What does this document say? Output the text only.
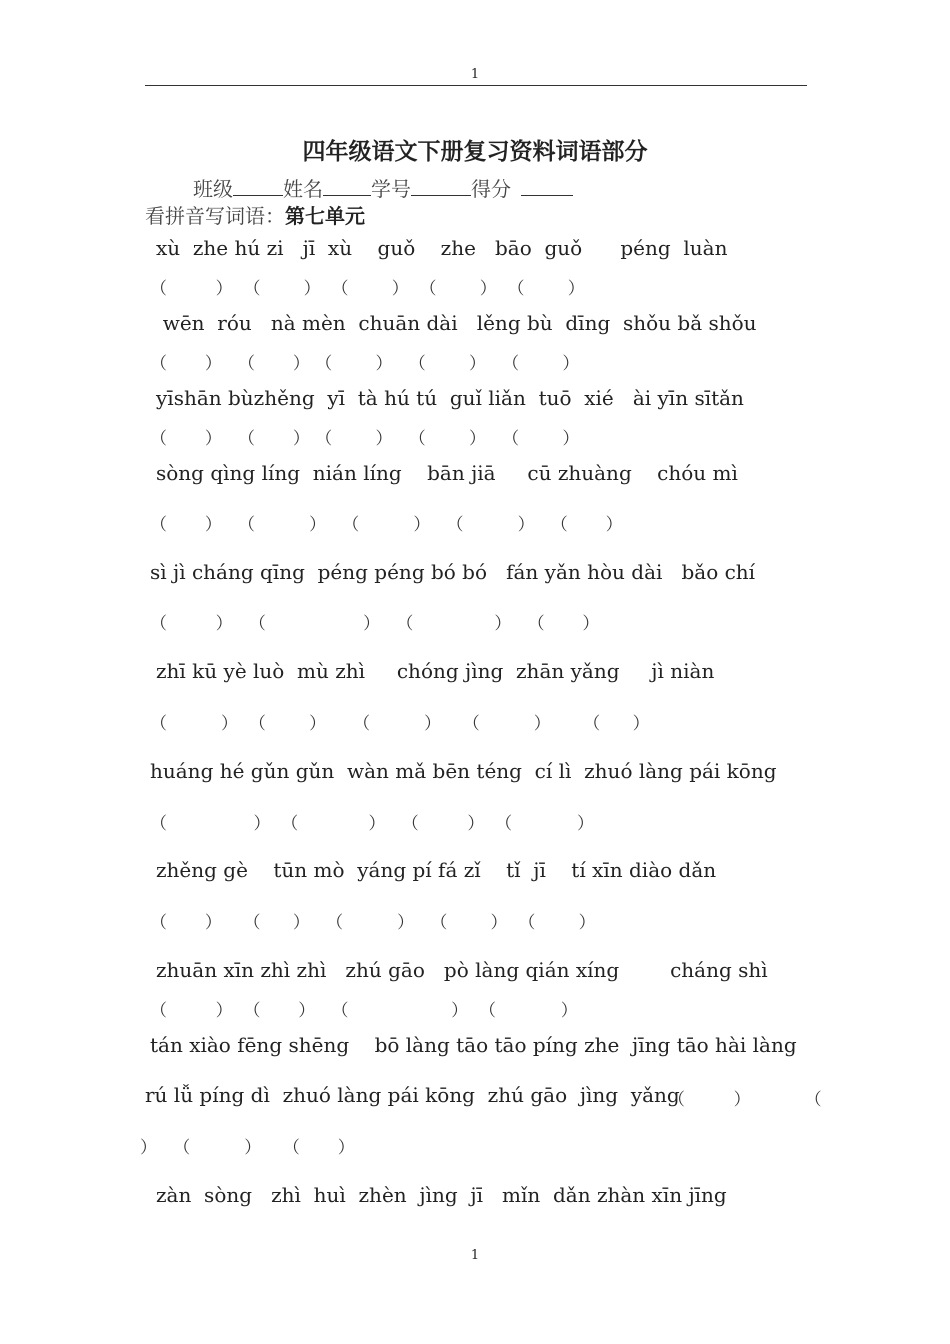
1
四年级语文下册复习资料词语部分
班级	姓名 学号	得分
看拼音写词语：第七单元
xù  zhe hú zi   jī  xù    guǒ    zhe   bāo  guǒ      péng  luàn
（         ）  （        ）  （        ）  （        ）  （        ）
wēn  róu   nà mèn  chuān dài   lěng bù  dīng  shǒu bǎ shǒu
（       ）   （       ） （        ）   （        ）   （        ）
yīshān bùzhěng  yī  tà hú tú  guǐ liǎn  tuō  xié   ài yīn sītǎn
（       ）   （       ） （        ）   （        ）   （        ）
sòng qìng líng  nián líng    bān jiā     cū zhuàng    chóu mì
（       ）   （          ）   （          ）   （          ）   （       ）
sì jì cháng qīng  péng péng bó bó   fán yǎn hòu dài   bǎo chí
（         ）   （                  ）   （               ）   （       ）
zhī kū yè luò  mù zhì     chóng jìng  zhān yǎng     jì niàn
（          ）  （        ）     （          ）    （          ）      （      ）
huáng hé gǔn gǔn  wàn mǎ bēn téng  cí lì  zhuó làng pái kōng
（                ）  （             ）   （         ）  （            ）
zhěng gè    tūn mò  yáng pí fá zǐ    tǐ  jī    tí xīn diào dǎn
（       ）    （      ）   （          ）   （        ）  （        ）
zhuān xīn zhì zhì   zhú gāo   pò làng qián xíng        cháng shì
（         ）  （       ）   （                   ）  （            ）
tán xiào fēng shēng    bō làng tāo tāo píng zhe  jīng tāo hài làng
rú lǚ píng dì  zhuó làng pái kōng  zhú gāo  jìng  yǎng
（         ）          （
）   （          ）    （       ）
zàn  sòng   zhì  huì  zhèn  jìng  jī   mǐn  dǎn zhàn xīn jīng
1
